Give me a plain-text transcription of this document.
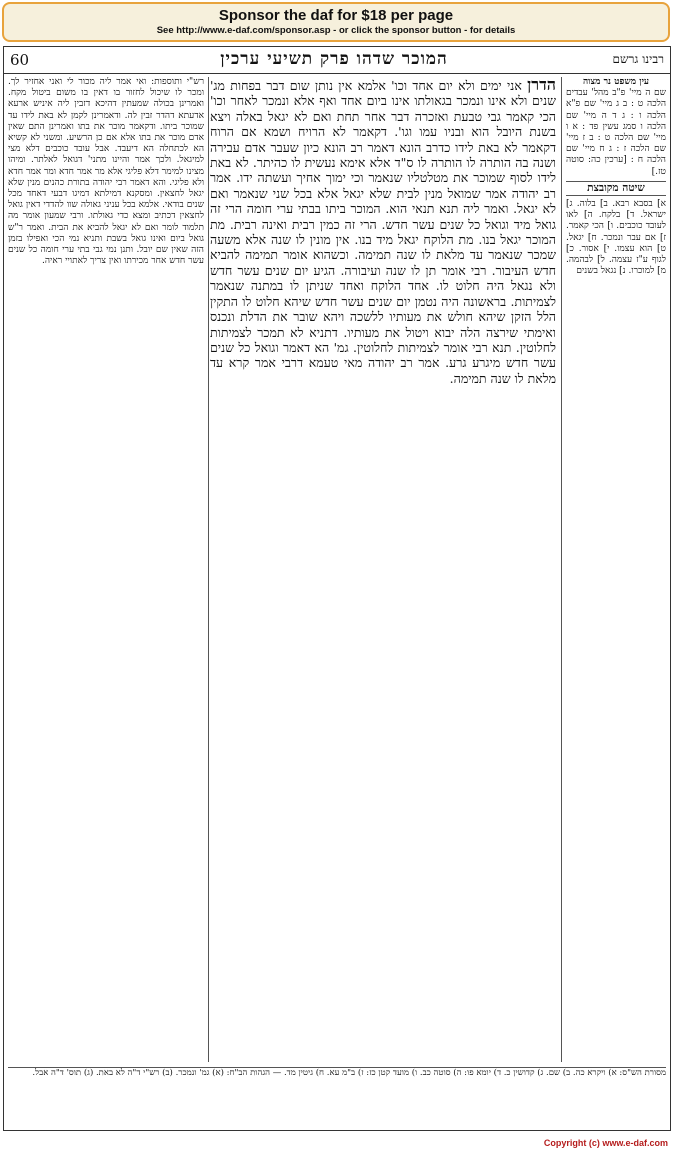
Sponsor the daf for $18 per page
See http://www.e-daf.com/sponsor.asp - or click the sponsor button - for details
60	המוכר שדהו פרק תשיעי ערכין	רבינו גרשם
עין משפט נר מצוה
שם ה מיי' פ"ב מהל' עבדים הלכה ט : ב ג מיי' שם פ"א הלכה ו : ג ד ה מיי' שם הלכה ו סמג עשין פד : א ו מיי' שם הלכה ט : ב ז מיי' שם הלכה ז : ג ח מיי' שם הלכה ח : [ערכין כה: סוטה טז.]
שיטה מקובצת
א] בסבא רבא. ב] בלוה. ג] ישראל. ד] בלקח. ה] לאו לעובד כוכבים. ו] הכי קאמר. ז] אם עבר ונמכר. ח] יגאל. ט] הוא עצמו. י] אסור. כ] לגוף ע"ז עצמה. ל] לבהמה. מ] למוכרו. נ] נגאל בשנים
הדרן אני ימים ולא יום אחד וכו' אלמא אין נותן שום דבר בפחות מג' שנים ולא אינו ונמכר בגאולתו אינו ביום אחד ואף אלא ונמכר לאחר וכו' הכי קאמר גבי טבעת ואזכרה דבר אחר תחת ואם לא יגאל באלה ויצא בשנת היובל הוא ובניו עמו וגו'. דקאמר לא הרויח ושמא אם הרוח דקאמר לא באת לידו כדרב הונא דאמר רב הונא כיון שעבר אדם עבירה ושנה בה הותרה לו הותרה לו ס"ד אלא אימא נעשית לו כהיתר. לא באת לידו לסוף שמוכר את מטלטליו שנאמר וכי ימוך אחיך ועשתה ידו. אמר רב יהודה אמר שמואל מנין לבית שלא יגאל אלא בכל שני שנאמר ואם לא יגאל. ואמר ליה תנא תנאי הוא. המוכר ביתו בבתי ערי חומה הרי זה גואל מיד וגואל כל שנים עשר חדש. הרי זה כמין רבית ואינה רבית. מת המוכר יגאל בנו. מת הלוקח יגאל מיד בנו. אין מונין לו שנה אלא משעה שמכר שנאמר עד מלאת לו שנה תמימה. וכשהוא אומר תמימה להביא חדש העיבור. רבי אומר תן לו שנה ועיבורה. הגיע יום שנים עשר חדש ולא נגאל היה חלוט לו. אחד הלוקח ואחד שניתן לו במתנה שנאמר לצמיתות. בראשונה היה נטמן יום שנים עשר חדש שיהא חלוט לו התקין הלל הזקן שיהא חולש את מעותיו ללשכה ויהא שובר את הדלת ונכנס ואימתי שירצה הלה יבוא ויטול את מעותיו. דתניא לא תמכר לצמיתות לחלוטין. תנא רבי אומר לצמיתות לחלוטין. גמ' הא דאמר וגואל כל שנים עשר חדש מיגרע גרע. אמר רב יהודה מאי טעמא דרבי אמר קרא עד מלאת לו שנה תמימה.
רש"י ותוספות: ואי אמר ליה מכור לי ואני אחזיר לך. ומכר לו שיכול לחזור בו דאין בו משום ביטול מקח. ואמרינן בכולה שמעתין דהיכא דזבין ליה איניש ארעא אדעתא דהדר זבין לה. ודאמרינן לקמן לא באת לידו עד שמוכר ביתו. ודקאמר מוכר את בתו ואמרינן התם שאין אדם מוכר את בתו אלא אם כן הרשיע. ומשני לא קשיא הא לכתחלה הא דיעבד. אבל עובד כוכבים דלא מצי למיגאל. ולכך אמר והיינו מתני' דגואל לאלתר. ומיהו מצינו למימר דלא פליגי אלא מר אמר חדא ומר אמר חדא ולא פליגי. והא דאמר רבי יהודה בתורת כהנים מנין שלא יגאל לחצאין. ומסקנא דמילתא דמיגו דבעי דאחד מכל שנים בודאי. אלמא בכל עניני גאולה שוו להדדי דאין גואל לחצאין דכתיב ומצא כדי גאולתו. ורבי שמעון אומר מה תלמוד לומר ואם לא יגאל להביא את הבית. ואמר ר"ש גואל ביום ואינו גואל בשבת ותניא נמי הכי ואפילו בזמן הזה שאין שם יובל. ותנן נמי גבי בתי ערי חומה כל שנים עשר חדש אחר מכירתו ואין צריך לאתויי ראיה.
מסורת הש"ס: א) ויקרא כה. ב) שם. ג) קדושין כ. ד) יומא פו: ה) סוטה כב. ו) מועד קטן כז: ז) ב"מ עא. ח) גיטין מד. — הגהות הב"ח: (א) גמ' ונמכר. (ב) רש"י ד"ה לא באת. (ג) תוס' ד"ה אבל.
Copyright (c) www.e-daf.com
